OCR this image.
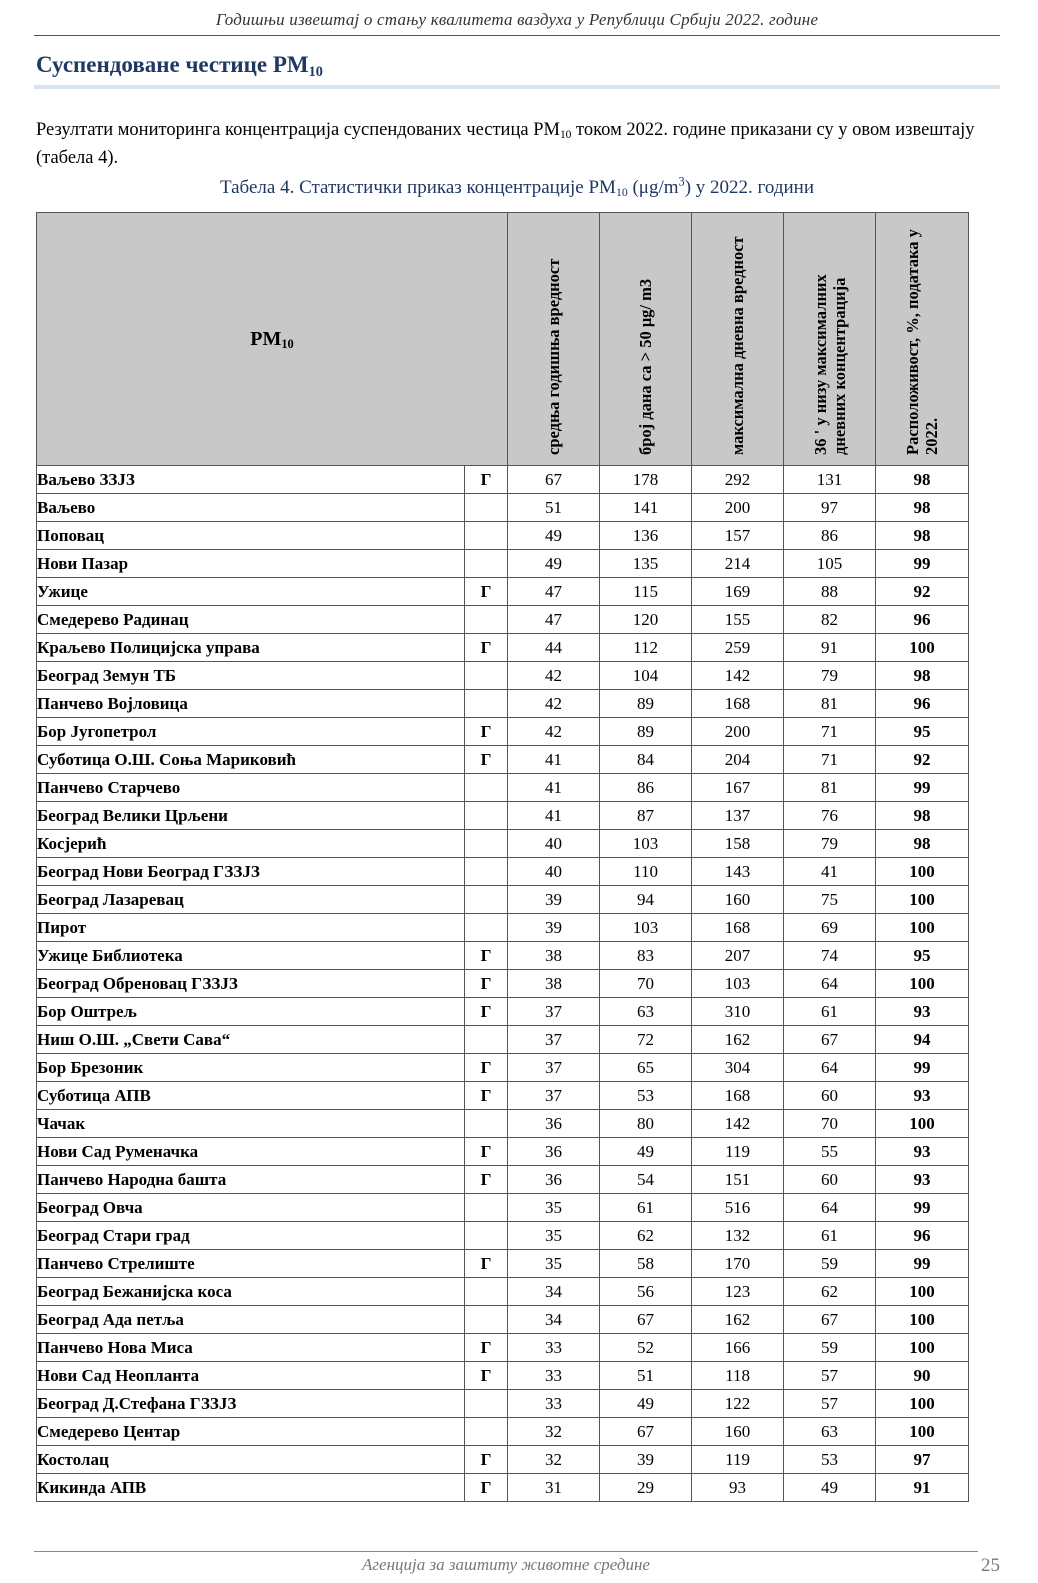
Годишњи извештај о стању квалитета ваздуха у Републици Србији 2022. године
Суспендоване честице $PM_{10}$
Резултати мониторинга концентрација суспендованих честица $PM_{10}$ током 2022. године приказани су у овом извештају (табела 4).
Табела 4. Статистички приказ концентрације $PM_{10}$ $(\mu g/m^3)$ у 2022. години
$PM_{10}$		средња годишња вредност	број дана са > 50 μg/ m3	максимална дневна вредност	36 ' у низу максималних дневних концентрација	Расположивост, %, података у 2022.

Ваљево ЗЗЈЗ	Г	67	178	292	131	98
Ваљево		51	141	200	97	98
Поповац		49	136	157	86	98
Нови Пазар		49	135	214	105	99
Ужице	Г	47	115	169	88	92
Смедерево Радинац		47	120	155	82	96
Краљево Полицијска управа	Г	44	112	259	91	100
Београд Земун ТБ		42	104	142	79	98
Панчево Војловица		42	89	168	81	96
Бор Југопетрол	Г	42	89	200	71	95
Суботица О.Ш. Соња Мариковић	Г	41	84	204	71	92
Панчево Старчево		41	86	167	81	99
Београд Велики Црљени		41	87	137	76	98
Косјерић		40	103	158	79	98
Београд Нови Београд ГЗЗЈЗ		40	110	143	41	100
Београд Лазаревац		39	94	160	75	100
Пирот		39	103	168	69	100
Ужице Библиотека	Г	38	83	207	74	95
Београд Обреновац ГЗЗЈЗ	Г	38	70	103	64	100
Бор Оштрељ	Г	37	63	310	61	93
Ниш О.Ш. „Свети Сава“		37	72	162	67	94
Бор Брезоник	Г	37	65	304	64	99
Суботица АПВ	Г	37	53	168	60	93
Чачак		36	80	142	70	100
Нови Сад Руменачка	Г	36	49	119	55	93
Панчево Народна башта	Г	36	54	151	60	93
Београд Овча		35	61	516	64	99
Београд Стари град		35	62	132	61	96
Панчево Стрелиште	Г	35	58	170	59	99
Београд Бежанијска коса		34	56	123	62	100
Београд Ада петља		34	67	162	67	100
Панчево Нова Миса	Г	33	52	166	59	100
Нови Сад Неопланта	Г	33	51	118	57	90
Београд Д.Стефана ГЗЗЈЗ		33	49	122	57	100
Смедерево Центар		32	67	160	63	100
Костолац	Г	32	39	119	53	97
Кикинда АПВ	Г	31	29	93	49	91
Агенција за заштиту животне средине	25
